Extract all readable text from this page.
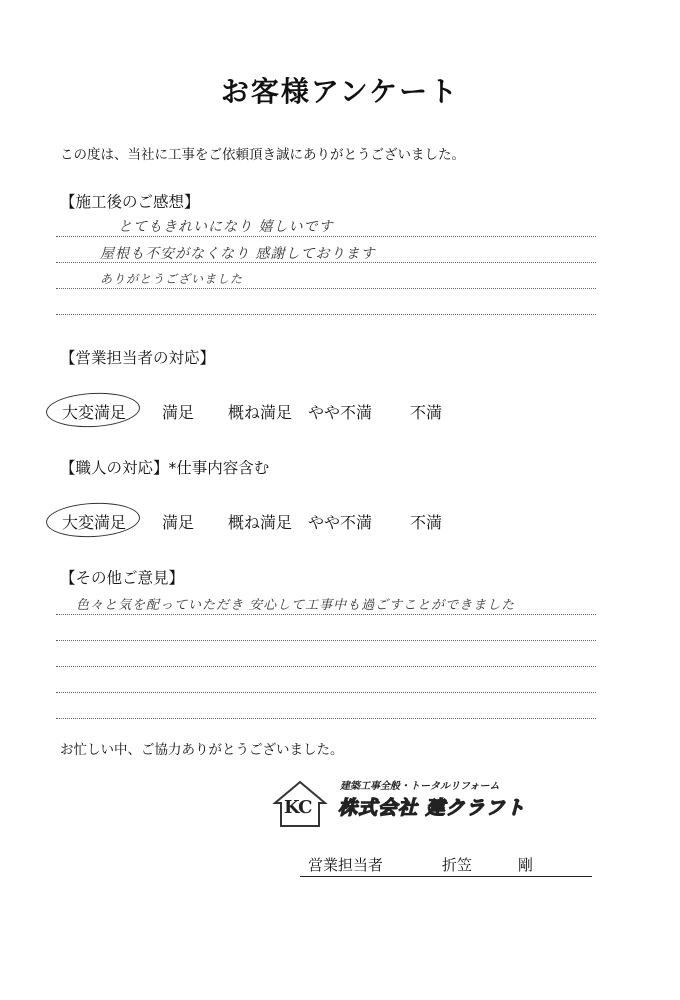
お客様アンケート
この度は、当社に工事をご依頼頂き誠にありがとうございました。
【施工後のご感想】
とてもきれいになり 嬉しいです
屋根も不安がなくなり 感謝しております
ありがとうございました
【営業担当者の対応】
大変満足 満足 概ね満足 やや不満 不満
【職人の対応】*仕事内容含む
大変満足 満足 概ね満足 やや不満 不満
【その他ご意見】
色々と気を配っていただき 安心して工事中も過ごすことができました
お忙しい中、ご協力ありがとうございました。
KC
建築工事全般・トータルリフォーム
株式会社 建クラフト
営業担当者	折笠	剛
